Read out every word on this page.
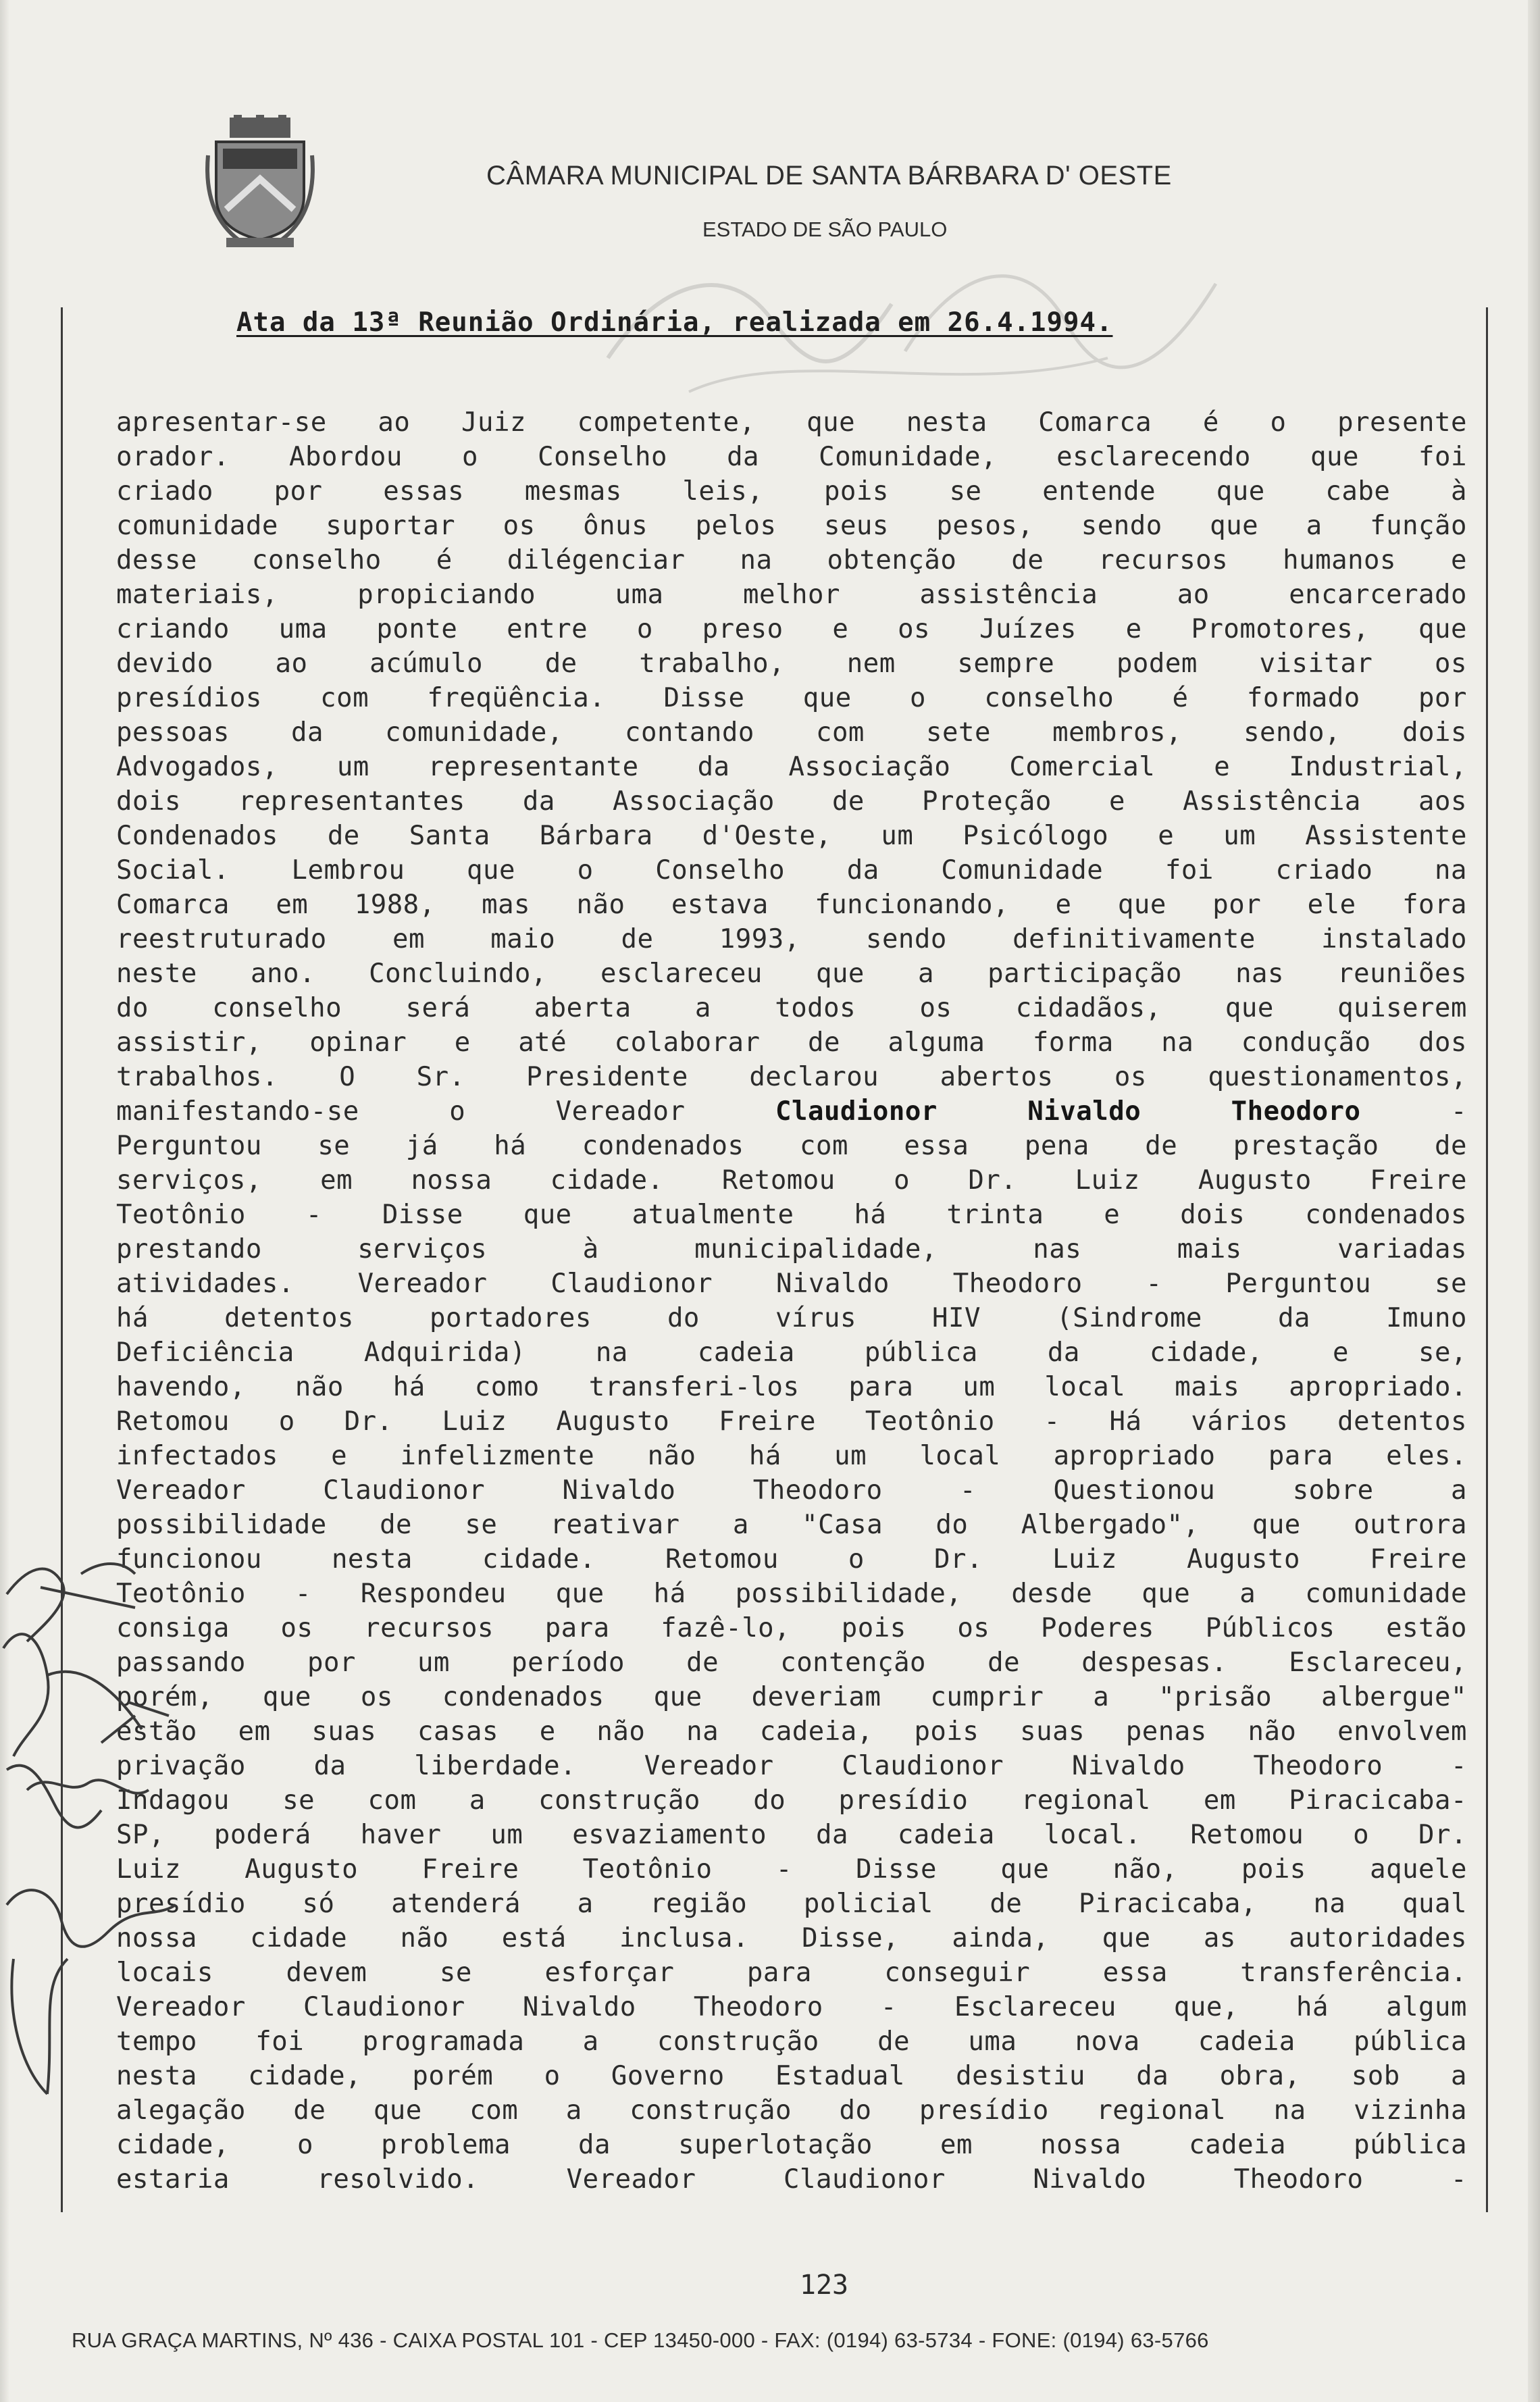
CÂMARA MUNICIPAL DE SANTA BÁRBARA D' OESTE
ESTADO DE SÃO PAULO
Ata da 13ª Reunião Ordinária, realizada em 26.4.1994.
apresentar-se ao Juiz competente, que nesta Comarca é o presente
orador. Abordou o Conselho da Comunidade, esclarecendo que foi
criado por essas mesmas leis, pois se entende que cabe à
comunidade suportar os ônus pelos seus pesos, sendo que a função
desse conselho é dilégenciar na obtenção de recursos humanos e
materiais, propiciando uma melhor assistência ao encarcerado
criando uma ponte entre o preso e os Juízes e Promotores, que
devido ao acúmulo de trabalho, nem sempre podem visitar os
presídios com freqüência. Disse que o conselho é formado por
pessoas da comunidade, contando com sete membros, sendo, dois
Advogados, um representante da Associação Comercial e Industrial,
dois representantes da Associação de Proteção e Assistência aos
Condenados de Santa Bárbara d'Oeste, um Psicólogo e um Assistente
Social. Lembrou que o Conselho da Comunidade foi criado na
Comarca em 1988, mas não estava funcionando, e que por ele fora
reestruturado em maio de 1993, sendo definitivamente instalado
neste ano. Concluindo, esclareceu que a participação nas reuniões
do conselho será aberta a todos os cidadãos, que quiserem
assistir, opinar e até colaborar de alguma forma na condução dos
trabalhos. O Sr. Presidente declarou abertos os questionamentos,
manifestando-se o Vereador Claudionor Nivaldo Theodoro -
Perguntou se já há condenados com essa pena de prestação de
serviços, em nossa cidade. Retomou o Dr. Luiz Augusto Freire
Teotônio - Disse que atualmente há trinta e dois condenados
prestando serviços à municipalidade, nas mais variadas
atividades. Vereador Claudionor Nivaldo Theodoro - Perguntou se
há detentos portadores do vírus HIV (Sindrome da Imuno
Deficiência Adquirida) na cadeia pública da cidade, e se,
havendo, não há como transferi-los para um local mais apropriado.
Retomou o Dr. Luiz Augusto Freire Teotônio - Há vários detentos
infectados e infelizmente não há um local apropriado para eles.
Vereador Claudionor Nivaldo Theodoro - Questionou sobre a
possibilidade de se reativar a "Casa do Albergado", que outrora
funcionou nesta cidade. Retomou o Dr. Luiz Augusto Freire
Teotônio - Respondeu que há possibilidade, desde que a comunidade
consiga os recursos para fazê-lo, pois os Poderes Públicos estão
passando por um período de contenção de despesas. Esclareceu,
porém, que os condenados que deveriam cumprir a "prisão albergue"
estão em suas casas e não na cadeia, pois suas penas não envolvem
privação da liberdade. Vereador Claudionor Nivaldo Theodoro -
Indagou se com a construção do presídio regional em Piracicaba-
SP, poderá haver um esvaziamento da cadeia local. Retomou o Dr.
Luiz Augusto Freire Teotônio - Disse que não, pois aquele
presídio só atenderá a região policial de Piracicaba, na qual
nossa cidade não está inclusa. Disse, ainda, que as autoridades
locais devem se esforçar para conseguir essa transferência.
Vereador Claudionor Nivaldo Theodoro - Esclareceu que, há algum
tempo foi programada a construção de uma nova cadeia pública
nesta cidade, porém o Governo Estadual desistiu da obra, sob a
alegação de que com a construção do presídio regional na vizinha
cidade, o problema da superlotação em nossa cadeia pública
estaria resolvido. Vereador Claudionor Nivaldo Theodoro -
123
RUA GRAÇA MARTINS, Nº 436 - CAIXA POSTAL 101 - CEP 13450-000 - FAX: (0194) 63-5734 - FONE: (0194) 63-5766
